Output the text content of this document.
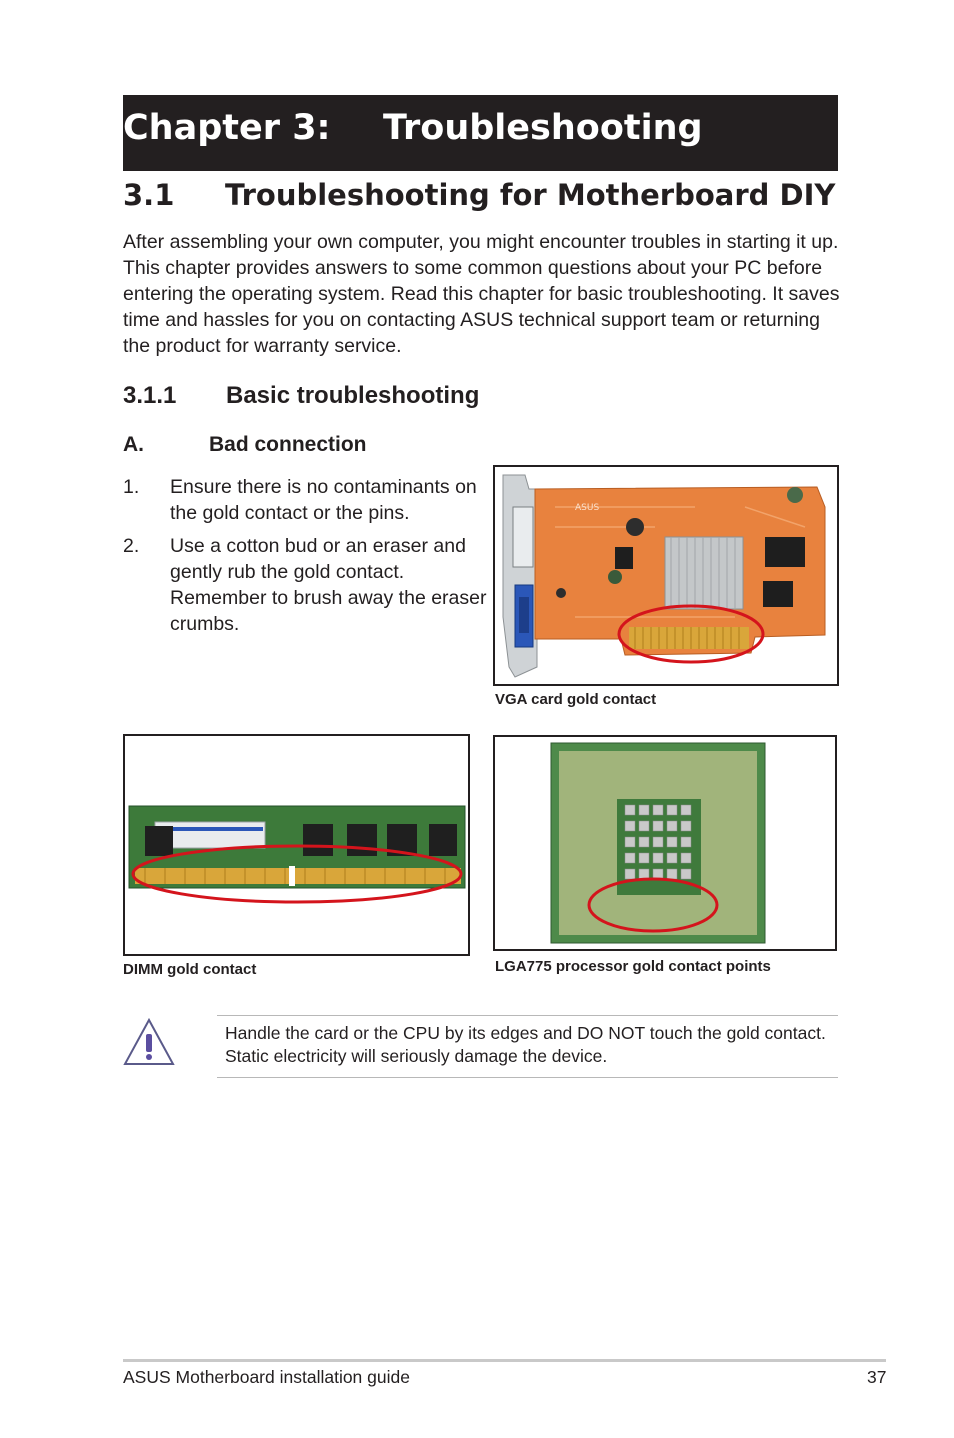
Chapter 3: Troubleshooting
3.1 Troubleshooting for Motherboard DIY

After assembling your own computer, you might encounter troubles in starting it up. This chapter provides answers to some common questions about your PC before entering the operating system. Read this chapter for basic troubleshooting. It saves time and hassles for you on contacting ASUS technical support team or returning the product for warranty service.

3.1.1 Basic troubleshooting
A.	Bad connection
1. Ensure there is no contaminants on the gold contact or the pins.
2. Use a cotton bud or an eraser and gently rub the gold contact. Remember to brush away the eraser crumbs.
ASUS
VGA card gold contact
DIMM gold contact	LGA775 processor gold contact points

Handle the card or the CPU by its edges and DO NOT touch the gold contact. Static electricity will seriously damage the device.

ASUS Motherboard installation guide	37
